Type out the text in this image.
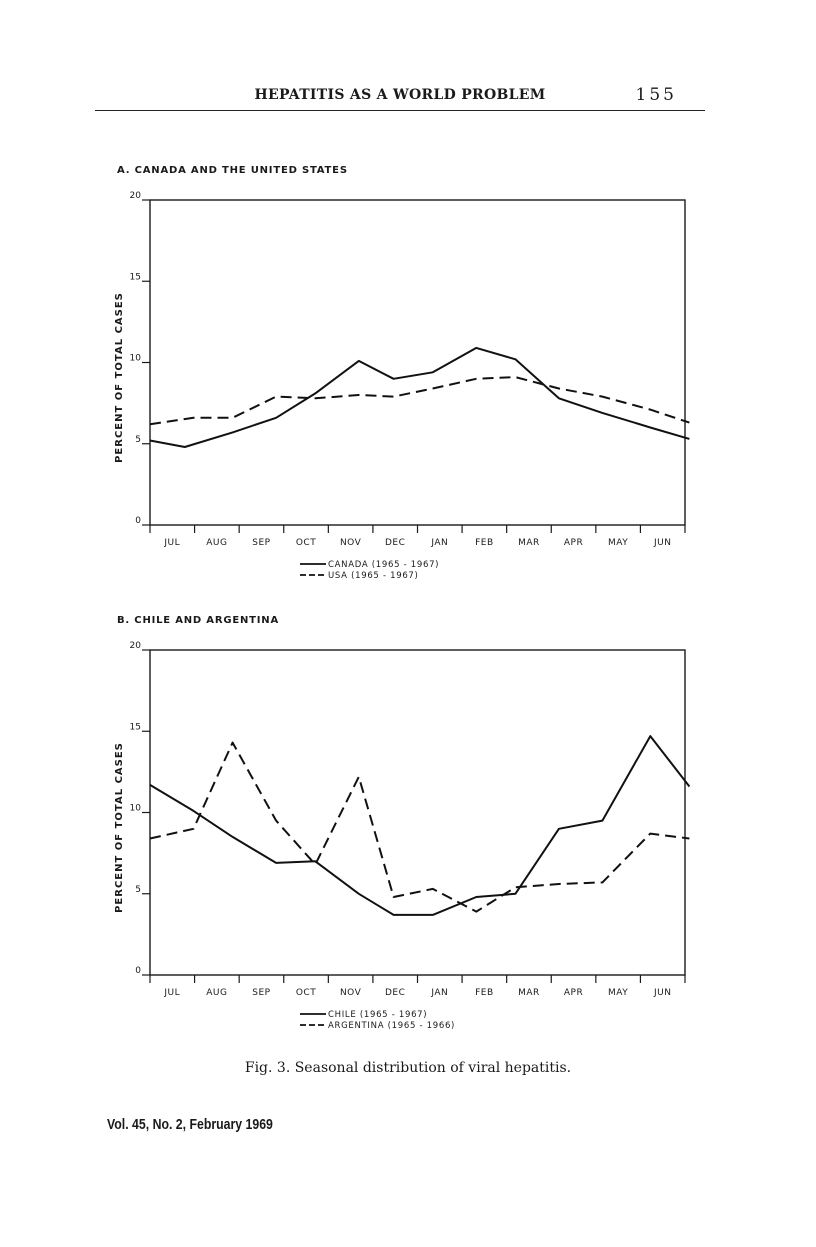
HEPATITIS AS A WORLD PROBLEM	155
A. CANADA AND THE UNITED STATES
0
5
10
15
20
PERCENT OF TOTAL CASES
JUL	AUG	SEP	OCT	NOV	DEC	JAN	FEB	MAR	APR	MAY	JUN
CANADA (1965 - 1967)
USA (1965 - 1967)
B. CHILE AND ARGENTINA
0
5
10
15
20
PERCENT OF TOTAL CASES
JUL	AUG	SEP	OCT	NOV	DEC	JAN	FEB	MAR	APR	MAY	JUN
CHILE (1965 - 1967)
ARGENTINA (1965 - 1966)
Fig. 3. Seasonal distribution of viral hepatitis.
Vol. 45, No. 2, February 1969
